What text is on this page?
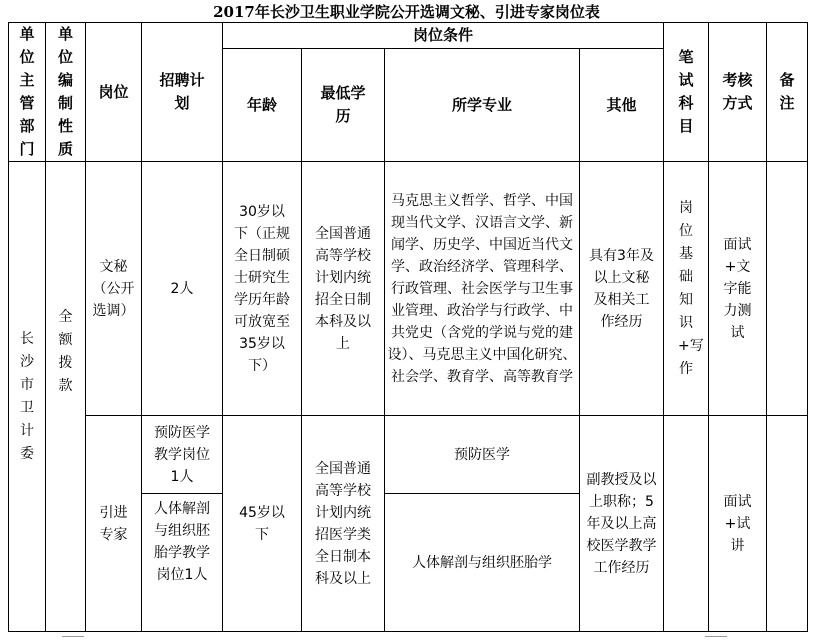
2017年长沙卫生职业学院公开选调文秘、引进专家岗位表
单位主管部门	单位编制性质	岗位	招聘计划	岗位条件				笔试科目	考核方式	备注
				年龄	最低学历	所学专业	其他			

长沙市卫计委	全额拨款	文秘（公开选调）	2人	30岁以下（正规全日制硕士研究生学历年龄可放宽至35岁以下）	全国普通高等学校计划内统招全日制本科及以上	马克思主义哲学、哲学、中国现当代文学、汉语言文学、新闻学、历史学、中国近当代文学、政治经济学、管理科学、行政管理、社会医学与卫生事业管理、政治学与行政学、中共党史（含党的学说与党的建设）、马克思主义中国化研究、社会学、教育学、高等教育学	具有3年及以上文秘及相关工作经历	岗位基础知识+写作	面试+文字能力测试	
		引进专家	预防医学教学岗位1人	45岁以下	全国普通高等学校计划内统招医学类全日制本科及以上	预防医学	副教授及以上职称；5年及以上高校医学教学工作经历		面试+试讲	
			人体解剖与组织胚胎学教学岗位1人			人体解剖与组织胚胎学				
